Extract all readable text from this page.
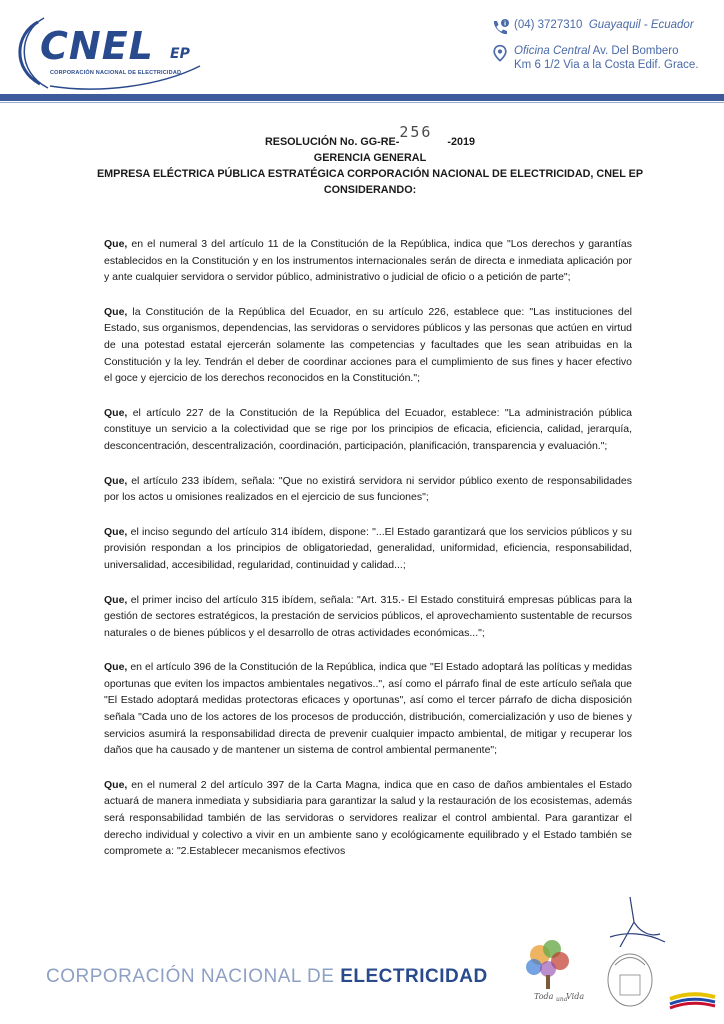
CNEL EP
CORPORACIÓN NACIONAL DE ELECTRICIDAD
i (04) 3727310 Guayaquil - Ecuador
Oficina Central Av. Del Bombero
Km 6 1/2 Via a la Costa Edif. Grace.
RESOLUCIÓN No. GG-RE-256     -2019
GERENCIA GENERAL
EMPRESA ELÉCTRICA PÚBLICA ESTRATÉGICA CORPORACIÓN NACIONAL DE ELECTRICIDAD, CNEL EP
CONSIDERANDO:

Que, en el numeral 3 del artículo 11 de la Constitución de la República, indica que "Los derechos y garantías establecidos en la Constitución y en los instrumentos internacionales serán de directa e inmediata aplicación por y ante cualquier servidora o servidor público, administrativo o judicial de oficio o a petición de parte";

Que, la Constitución de la República del Ecuador, en su artículo 226, establece que: "Las instituciones del Estado, sus organismos, dependencias, las servidoras o servidores públicos y las personas que actúen en virtud de una potestad estatal ejercerán solamente las competencias y facultades que les sean atribuidas en la Constitución y la ley. Tendrán el deber de coordinar acciones para el cumplimiento de sus fines y hacer efectivo el goce y ejercicio de los derechos reconocidos en la Constitución.";

Que, el artículo 227 de la Constitución de la República del Ecuador, establece: "La administración pública constituye un servicio a la colectividad que se rige por los principios de eficacia, eficiencia, calidad, jerarquía, desconcentración, descentralización, coordinación, participación, planificación, transparencia y evaluación.";

Que, el artículo 233 ibídem, señala: "Que no existirá servidora ni servidor público exento de responsabilidades por los actos u omisiones realizados en el ejercicio de sus funciones";

Que, el inciso segundo del artículo 314 ibídem, dispone: "...El Estado garantizará que los servicios públicos y su provisión respondan a los principios de obligatoriedad, generalidad, uniformidad, eficiencia, responsabilidad, universalidad, accesibilidad, regularidad, continuidad y calidad...;

Que, el primer inciso del artículo 315 ibídem, señala: "Art. 315.- El Estado constituirá empresas públicas para la gestión de sectores estratégicos, la prestación de servicios públicos, el aprovechamiento sustentable de recursos naturales o de bienes públicos y el desarrollo de otras actividades económicas...";

Que, en el artículo 396 de la Constitución de la República, indica que "El Estado adoptará las políticas y medidas oportunas que eviten los impactos ambientales negativos..", así como el párrafo final de este artículo señala que "El Estado adoptará medidas protectoras eficaces y oportunas", así como el tercer párrafo de dicha disposición señala "Cada uno de los actores de los procesos de producción, distribución, comercialización y uso de bienes y servicios asumirá la responsabilidad directa de prevenir cualquier impacto ambiental, de mitigar y recuperar los daños que ha causado y de mantener un sistema de control ambiental permanente";

Que, en el numeral 2 del artículo 397 de la Carta Magna, indica que en caso de daños ambientales el Estado actuará de manera inmediata y subsidiaria para garantizar la salud y la restauración de los ecosistemas, además será responsabilidad también de las servidoras o servidores realizar el control ambiental. Para garantizar el derecho individual y colectivo a vivir en un ambiente sano y ecológicamente equilibrado y el Estado también se compromete a: "2.Establecer mecanismos efectivos

CORPORACIÓN NACIONAL DE ELECTRICIDAD
Toda una
Vida
